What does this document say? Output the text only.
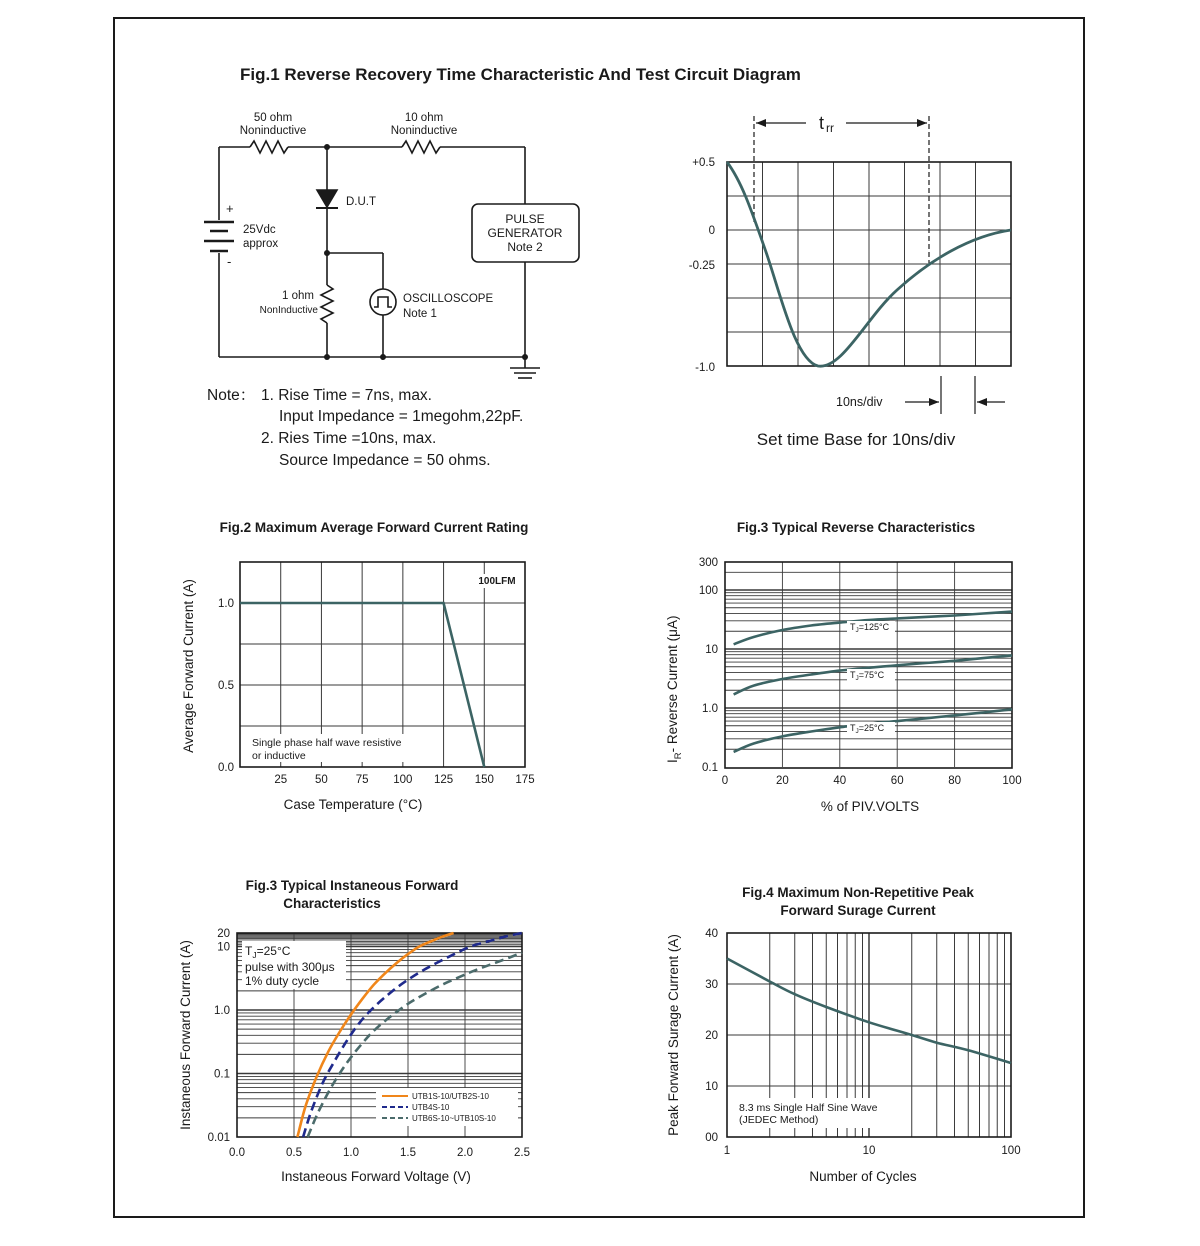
Fig.1 Reverse Recovery Time Characteristic And Test Circuit Diagram
50 ohm
Noninductive
10 ohm
Noninductive
D.U.T
+
-
25Vdc
approx
1 ohm
NonInductive
OSCILLOSCOPE
Note 1
PULSE
GENERATOR
Note 2
t rr
+0.5
0
-0.25
-1.0
10ns/div
Set time Base for 10ns/div
Fig.2 Maximum Average Forward Current Rating
100LFM
Single phase half wave resistive
or inductive
25 50 75 100 125 150 175
0.0
0.5
1.0
Case Temperature (°C)
Average Forward Current (A)
Fig.3 Typical Reverse Characteristics
$T_J=125^\circ C$
$T_J=75^\circ C$
$T_J=25^\circ C$
0	20	40	60	80	100
0.1
1.0
10
100
300
% of PIV.VOLTS
$I_R-$ Reverse Current (μA)
Fig.3 Typical Instaneous Forward
Characteristics
$T_J=25^\circ C$
pulse with 300μs
1% duty cycle
UTB1S-10/UTB2S-10
UTB4S-10
UTB6S-10~UTB10S-10
0.0	0.5	1.0	1.5	2.0	2.5
0.01
0.1
1.0
10
20
Instaneous Forward Voltage (V)
Instaneous Forward Current (A)
Fig.4 Maximum Non-Repetitive Peak
Forward Surage Current
8.3 ms Single Half Sine Wave
(JEDEC Method)
1	10	100
00
10
20
30
40
Number of Cycles
Peak Forward Surage Current (A)
Note： 1. Rise Time = 7ns, max.
Input Impedance = 1megohm,22pF.
2. Ries Time =10ns, max.
Source Impedance = 50 ohms.
